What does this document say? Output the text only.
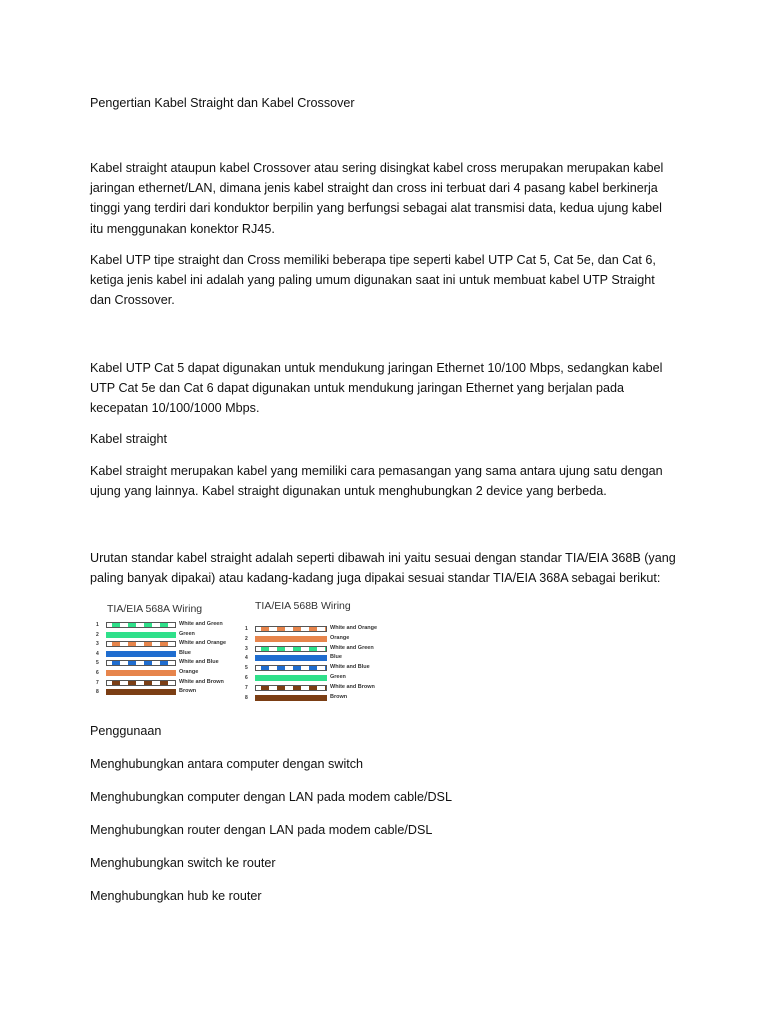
Pengertian Kabel Straight dan Kabel Crossover
Kabel straight ataupun kabel Crossover atau sering disingkat kabel cross merupakan merupakan kabel
jaringan ethernet/LAN, dimana jenis kabel straight dan cross ini terbuat dari 4 pasang kabel berkinerja
tinggi yang terdiri dari konduktor berpilin yang berfungsi sebagai alat transmisi data, kedua ujung kabel
itu menggunakan konektor RJ45.
Kabel UTP tipe straight dan Cross memiliki beberapa tipe seperti kabel UTP Cat 5, Cat 5e, dan Cat 6,
ketiga jenis kabel ini adalah yang paling umum digunakan saat ini untuk membuat kabel UTP Straight
dan Crossover.
Kabel UTP Cat 5 dapat digunakan untuk mendukung jaringan Ethernet 10/100 Mbps, sedangkan kabel
UTP Cat 5e dan Cat 6 dapat digunakan untuk mendukung jaringan Ethernet yang berjalan pada
kecepatan 10/100/1000 Mbps.
Kabel straight
Kabel straight merupakan kabel yang memiliki cara pemasangan yang sama antara ujung satu dengan
ujung yang lainnya. Kabel straight digunakan untuk menghubungkan 2 device yang berbeda.
Urutan standar kabel straight adalah seperti dibawah ini yaitu sesuai dengan standar TIA/EIA 368B (yang
paling banyak dipakai) atau kadang-kadang juga dipakai sesuai standar TIA/EIA 368A sebagai berikut:
TIA/EIA 568A Wiring
1	White and Green
2	Green
3	White and Orange
4	Blue
5	White and Blue
6	Orange
7	White and Brown
8	Brown
TIA/EIA 568B Wiring
1	White and Orange
2	Orange
3	White and Green
4	Blue
5	White and Blue
6	Green
7	White and Brown
8	Brown
Penggunaan
Menghubungkan antara computer dengan switch
Menghubungkan computer dengan LAN pada modem cable/DSL
Menghubungkan router dengan LAN pada modem cable/DSL
Menghubungkan switch ke router
Menghubungkan hub ke router
